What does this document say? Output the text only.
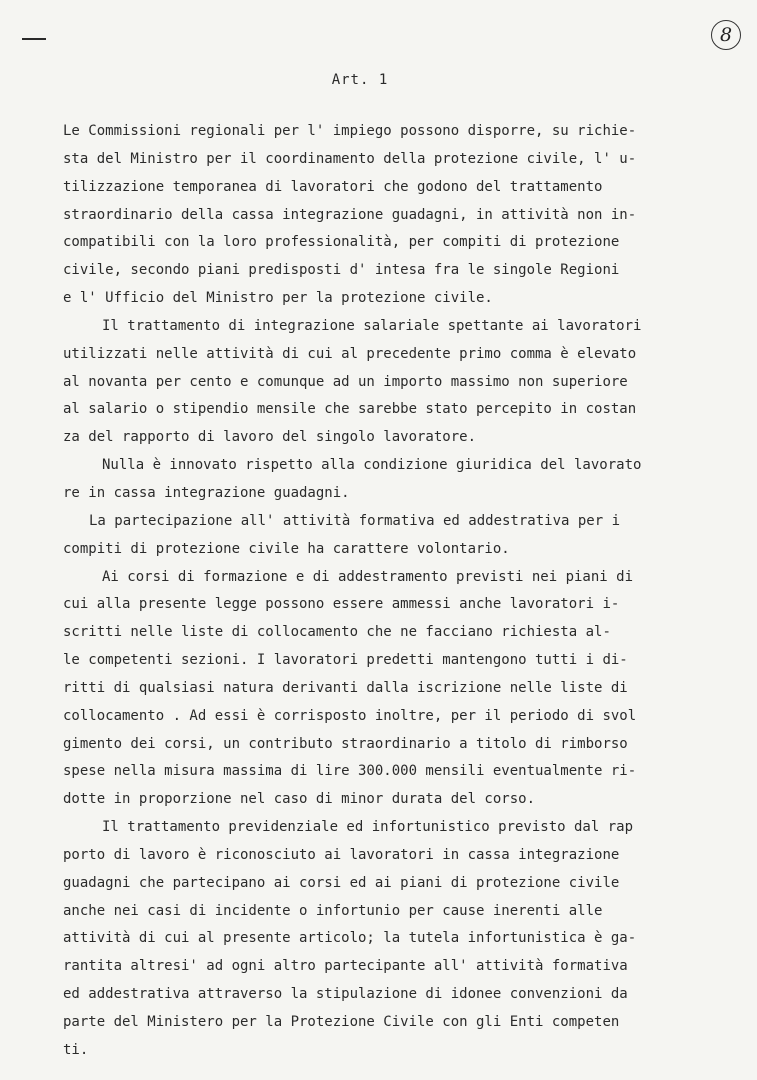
8
Art. 1
Le Commissioni regionali per l' impiego possono disporre, su richie-
sta del Ministro per il coordinamento della protezione civile, l' u-
tilizzazione temporanea di lavoratori che godono del trattamento
straordinario della cassa integrazione guadagni, in attività non in-
compatibili con la loro professionalità, per compiti di protezione
civile, secondo piani predisposti d' intesa fra le singole Regioni
e l' Ufficio del Ministro per la protezione civile.
Il trattamento di integrazione salariale spettante ai lavoratori
utilizzati nelle attività di cui al precedente primo comma è elevato
al novanta per cento e comunque ad un importo massimo non superiore
al salario o stipendio mensile che sarebbe stato percepito in costan
za del rapporto di lavoro del singolo lavoratore.
Nulla è innovato rispetto alla condizione giuridica del lavorato
re in cassa integrazione guadagni.
La partecipazione all' attività formativa ed addestrativa per i
compiti di protezione civile ha carattere volontario.
Ai corsi di formazione e di addestramento previsti nei piani di
cui alla presente legge possono essere ammessi anche lavoratori i-
scritti nelle liste di collocamento che ne facciano richiesta al-
le competenti sezioni. I lavoratori predetti mantengono tutti i di-
ritti di qualsiasi natura derivanti dalla iscrizione nelle liste di
collocamento . Ad essi è corrisposto inoltre, per il periodo di svol
gimento dei corsi, un contributo straordinario a titolo di rimborso
spese nella misura massima di lire 300.000 mensili eventualmente ri-
dotte in proporzione nel caso di minor durata del corso.
Il trattamento previdenziale ed infortunistico previsto dal rap
porto di lavoro è riconosciuto ai lavoratori in cassa integrazione
guadagni che partecipano ai corsi ed ai piani di protezione civile
anche nei casi di incidente o infortunio per cause inerenti alle
attività di cui al presente articolo; la tutela infortunistica è ga-
rantita altresi' ad ogni altro partecipante all' attività formativa
ed addestrativa attraverso la stipulazione di idonee convenzioni da
parte del Ministero per la Protezione Civile con gli Enti competen
ti.
